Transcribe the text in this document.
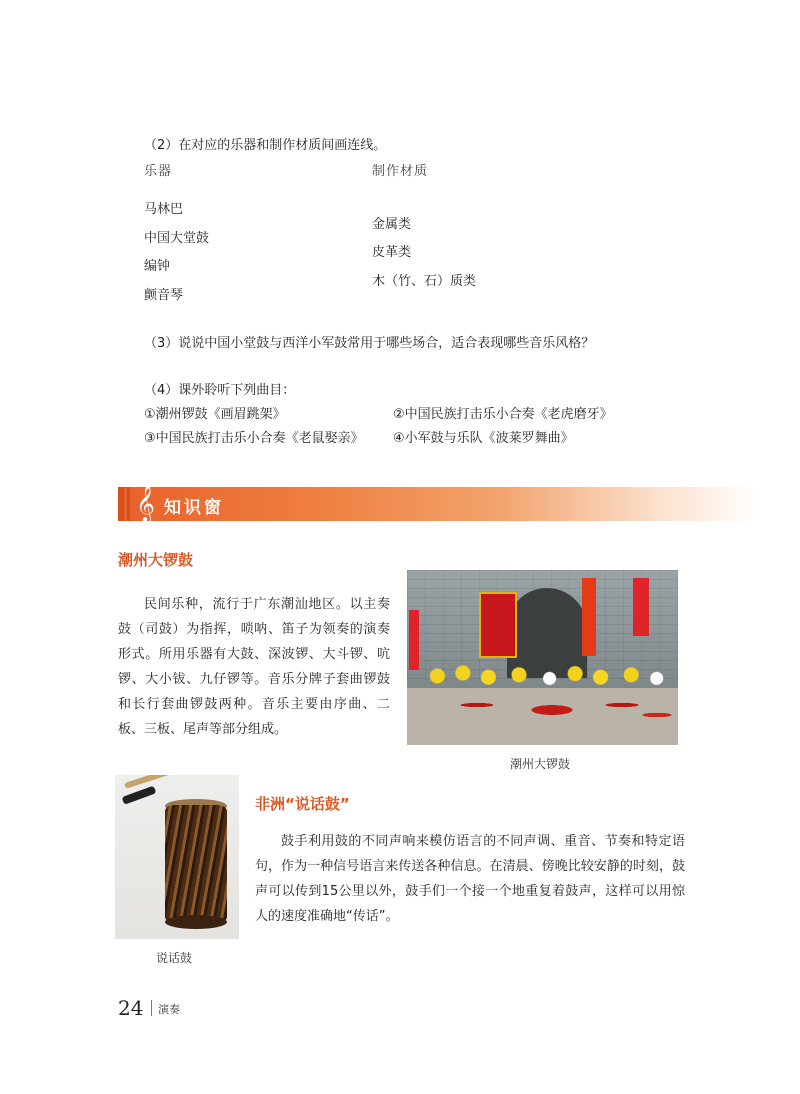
（2）在对应的乐器和制作材质间画连线。
乐器	制作材质
马林巴
中国大堂鼓
编钟
颤音琴
金属类
皮革类
木（竹、石）质类
（3）说说中国小堂鼓与西洋小军鼓常用于哪些场合，适合表现哪些音乐风格？
（4）课外聆听下列曲目：
①潮州锣鼓《画眉跳架》	②中国民族打击乐小合奏《老虎磨牙》
③中国民族打击乐小合奏《老鼠娶亲》 ④小军鼓与乐队《波莱罗舞曲》
𝄞 知识窗
潮州大锣鼓
民间乐种，流行于广东潮汕地区。以主奏鼓（司鼓）为指挥，唢呐、笛子为领奏的演奏形式。所用乐器有大鼓、深波锣、大斗锣、吭锣、大小钹、九仔锣等。音乐分牌子套曲锣鼓和长行套曲锣鼓两种。音乐主要由序曲、二板、三板、尾声等部分组成。
潮州大锣鼓
说话鼓
非洲“说话鼓”
鼓手利用鼓的不同声响来模仿语言的不同声调、重音、节奏和特定语句，作为一种信号语言来传送各种信息。在清晨、傍晚比较安静的时刻，鼓声可以传到15公里以外，鼓手们一个接一个地重复着鼓声，这样可以用惊人的速度准确地“传话”。
24 演奏
